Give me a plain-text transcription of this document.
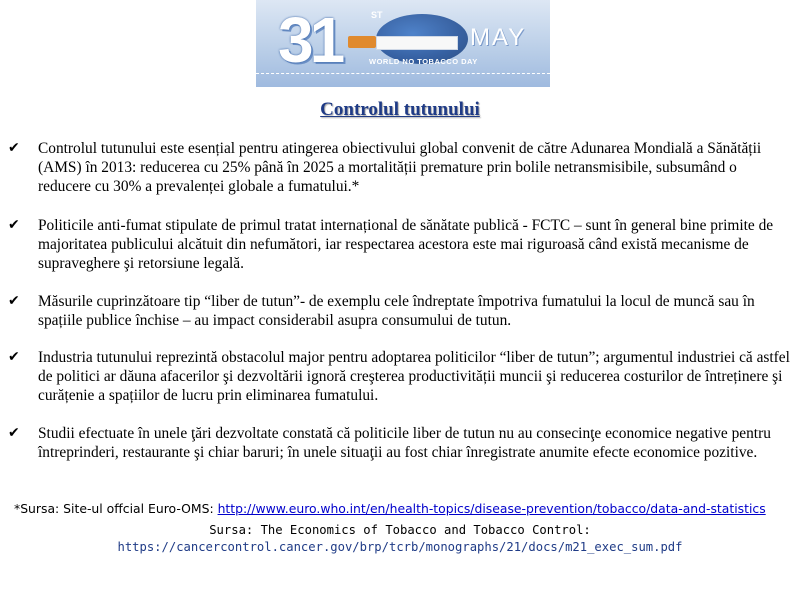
31	ST
MAY
WORLD NO TOBACCO DAY
Controlul tutunului
✔ Controlul tutunului este esențial pentru atingerea obiectivului global convenit de către Adunarea Mondială a Sănătății (AMS) în 2013: reducerea cu 25% până în 2025 a mortalității premature prin bolile netransmisibile, subsumând o reducere cu 30% a prevalenței globale a fumatului.*
✔ Politicile anti-fumat stipulate de primul tratat internațional de sănătate publică - FCTC – sunt în general bine primite de majoritatea publicului alcătuit din nefumători, iar respectarea acestora este mai riguroasă când există mecanisme de supraveghere şi retorsiune legală.
✔ Măsurile cuprinzătoare tip “liber de tutun”- de exemplu cele îndreptate împotriva fumatului la locul de muncă sau în spațiile publice închise – au impact considerabil asupra consumului de tutun.
✔ Industria tutunului reprezintă obstacolul major pentru adoptarea politicilor “liber de tutun”; argumentul industriei că astfel de politici ar dăuna afacerilor şi dezvoltării ignoră creşterea productivității muncii şi reducerea costurilor de întreținere şi curățenie a spațiilor de lucru prin eliminarea fumatului.
✔ Studii efectuate în unele ţări dezvoltate constată că politicile liber de tutun nu au consecinţe economice negative pentru întreprinderi, restaurante şi chiar baruri; în unele situaţii au fost chiar înregistrate anumite efecte economice pozitive.
*Sursa: Site-ul offcial Euro-OMS: http://www.euro.who.int/en/health-topics/disease-prevention/tobacco/data-and-statistics
Sursa: The Economics of Tobacco and Tobacco Control:
https://cancercontrol.cancer.gov/brp/tcrb/monographs/21/docs/m21_exec_sum.pdf
